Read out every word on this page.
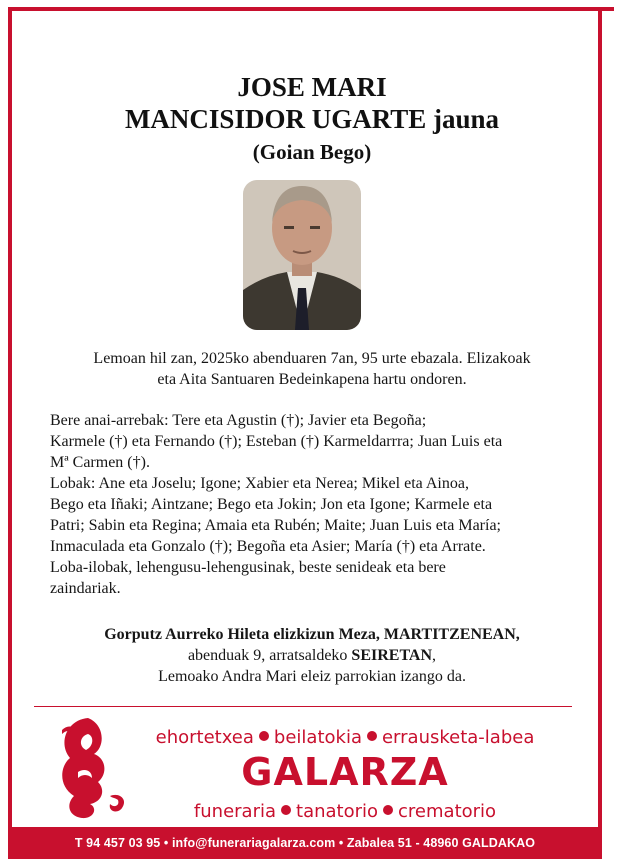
JOSE MARI
MANCISIDOR UGARTE jauna
(Goian Bego)
Lemoan hil zan, 2025ko abenduaren 7an, 95 urte ebazala. Elizakoak
eta Aita Santuaren Bedeinkapena hartu ondoren.
Bere anai-arrebak: Tere eta Agustin (†); Javier eta Begoña;
Karmele (†) eta Fernando (†); Esteban (†) Karmeldarrra; Juan Luis eta
Mª Carmen (†).
Lobak: Ane eta Joselu; Igone; Xabier eta Nerea; Mikel eta Ainoa,
Bego eta Iñaki; Aintzane; Bego eta Jokin; Jon eta Igone; Karmele eta
Patri; Sabin eta Regina; Amaia eta Rubén; Maite; Juan Luis eta María;
Inmaculada eta Gonzalo (†); Begoña eta Asier; María (†) eta Arrate.
Loba-ilobak, lehengusu-lehengusinak, beste senideak eta bere
zaindariak.
Gorputz Aurreko Hileta elizkizun Meza, MARTITZENEAN,
abenduak 9, arratsaldeko SEIRETAN,
Lemoako Andra Mari eleiz parrokian izango da.
ehortetxea beilatokia errausketa-labea
GALARZA
funeraria tanatorio crematorio
T 94 457 03 95 • info@funerariagalarza.com • Zabalea 51 - 48960 GALDAKAO
